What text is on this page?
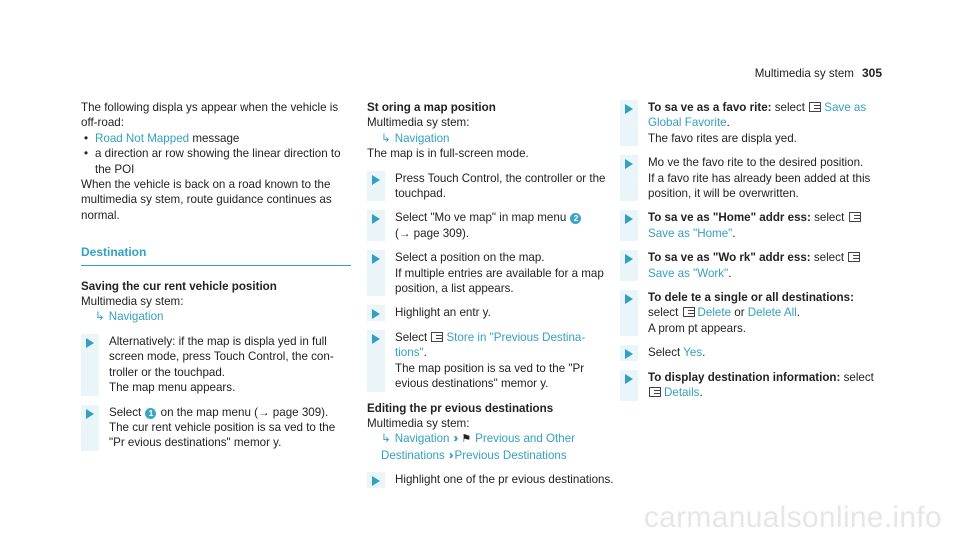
Multimedia sy stem 305

The following displa ys appear when the vehicle is off-road:

• Road Not Mapped message
• a direction ar row showing the linear direction to the POI

When the vehicle is back on a road known to the multimedia sy stem, route guidance continues as normal.

Destination

Saving the cur rent vehicle position

Multimedia sy stem:

↳ Navigation

Alternatively: if the map is displa yed in full screen mode, press Touch Control, the con‐ troller or the touchpad.
The map menu appears.
Select 1 on the map menu (→ page 309).
The cur rent vehicle position is sa ved to the "Pr evious destinations" memor y.

St oring a map position

Multimedia sy stem:

↳ Navigation

The map is in full-screen mode.

Press Touch Control, the controller or the touchpad.
Select "Mo ve map" in map menu 2
(→ page 309).
Select a position on the map.
If multiple entries are available for a map position, a list appears.
Highlight an entr y.
Select Store in "Previous Destina‐ tions".
The map position is sa ved to the "Pr evious destinations" memor y.

Editing the pr evious destinations

Multimedia sy stem:

↳ Navigation ›› ⚑ Previous and Other Destinations ›› Previous Destinations

Highlight one of the pr evious destinations.
To sa ve as a favo rite: select Save as Global Favorite.
The favo rites are displa yed.
Mo ve the favo rite to the desired position.
If a favo rite has already been added at this position, it will be overwritten.
To sa ve as "Home" addr ess: select
Save as "Home".
To sa ve as "Wo rk" addr ess: select
Save as "Work".
To dele te a single or all destinations:
select Delete or Delete All.
A prom pt appears.
Select Yes.
To display destination information: select
Details.
carmanualsonline.info
